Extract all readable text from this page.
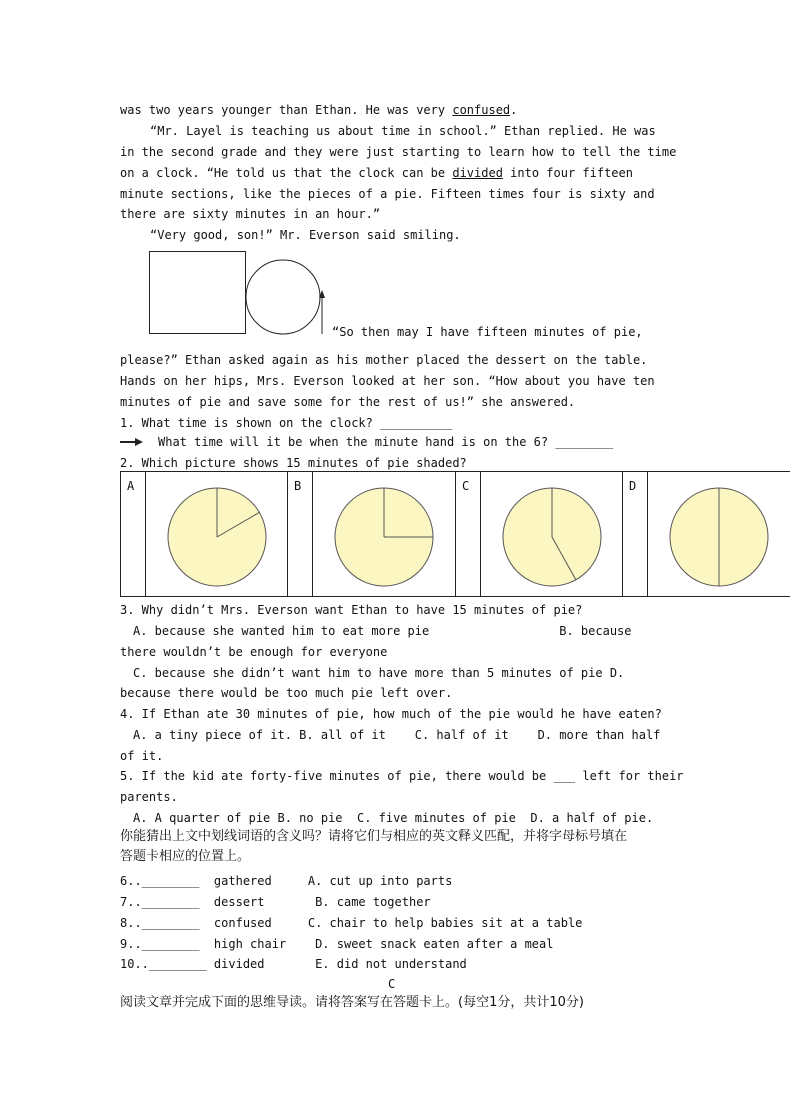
was two years younger than Ethan. He was very confused.
“Mr. Layel is teaching us about time in school.” Ethan replied. He was
in the second grade and they were just starting to learn how to tell the time
on a clock. “He told us that the clock can be divided into four fifteen
minute sections, like the pieces of a pie. Fifteen times four is sixty and
there are sixty minutes in an hour.”
“Very good, son!” Mr. Everson said smiling.
“So then may I have fifteen minutes of pie,
please?” Ethan asked again as his mother placed the dessert on the table.
Hands on her hips, Mrs. Everson looked at her son. “How about you have ten
minutes of pie and save some for the rest of us!” she answered.
1. What time is shown on the clock? __________
What time will it be when the minute hand is on the 6? ________
2. Which picture shows 15 minutes of pie shaded?
A	B	C	D
3. Why didn’t Mrs. Everson want Ethan to have 15 minutes of pie?
A. because she wanted him to eat more pie                  B. because
there wouldn’t be enough for everyone
C. because she didn’t want him to have more than 5 minutes of pie D.
because there would be too much pie left over.
4. If Ethan ate 30 minutes of pie, how much of the pie would he have eaten?
A. a tiny piece of it. B. all of it    C. half of it    D. more than half
of it.
5. If the kid ate forty-five minutes of pie, there would be ___ left for their
parents.
A. A quarter of pie B. no pie  C. five minutes of pie  D. a half of pie.
你能猜出上文中划线词语的含义吗？请将它们与相应的英文释义匹配，并将字母标号填在
答题卡相应的位置上。
6..________  gathered     A. cut up into parts
7..________  dessert       B. came together
8..________  confused     C. chair to help babies sit at a table
9..________  high chair    D. sweet snack eaten after a meal
10..________ divided       E. did not understand
C
阅读文章并完成下面的思维导读。请将答案写在答题卡上。(每空1分，共计10分)
